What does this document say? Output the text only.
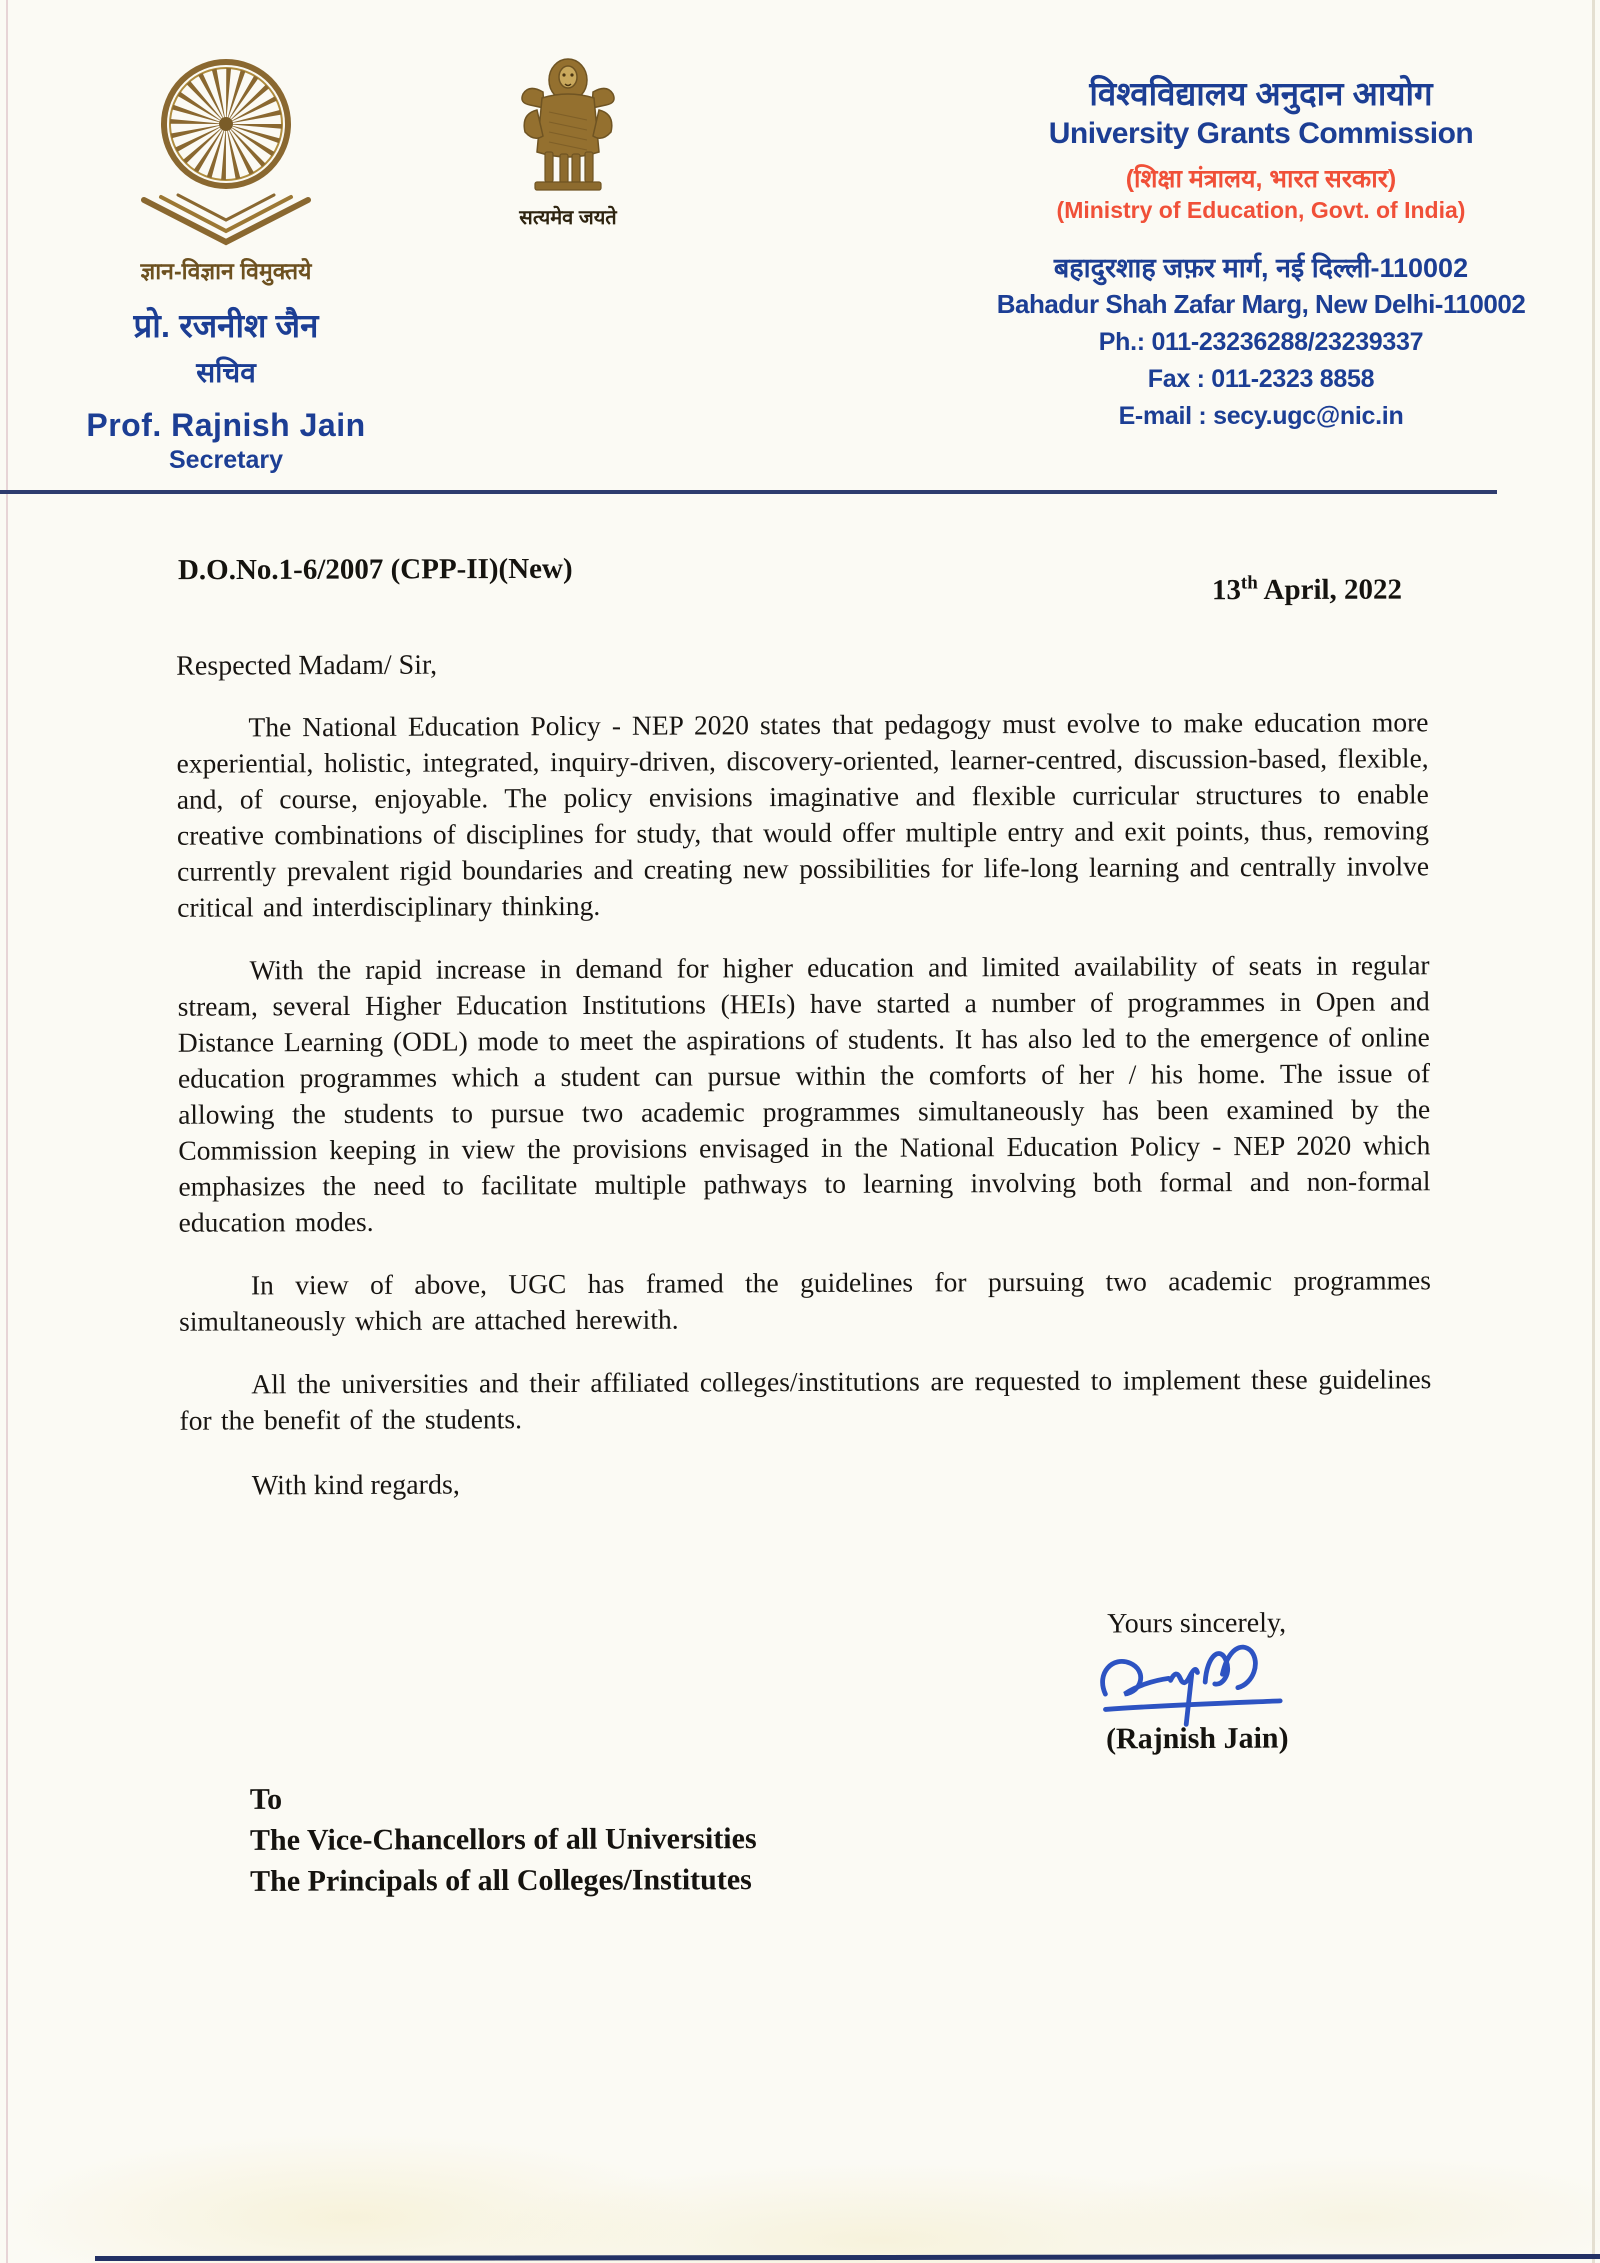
ज्ञान-विज्ञान विमुक्तये
प्रो. रजनीश जैन
सचिव
Prof. Rajnish Jain
Secretary
सत्यमेव जयते
विश्वविद्यालय अनुदान आयोग
University Grants Commission
(शिक्षा मंत्रालय, भारत सरकार)
(Ministry of Education, Govt. of India)
बहादुरशाह जफ़र मार्ग, नई दिल्ली-110002
Bahadur Shah Zafar Marg, New Delhi-110002
Ph.: 011-23236288/23239337
Fax : 011-2323 8858
E-mail : secy.ugc@nic.in
D.O.No.1-6/2007 (CPP-II)(New)
13th April, 2022
Respected Madam/ Sir,

The National Education Policy - NEP 2020 states that pedagogy must evolve to make education more experiential, holistic, integrated, inquiry-driven, discovery-oriented, learner-centred, discussion-based, flexible, and, of course, enjoyable. The policy envisions imaginative and flexible curricular structures to enable creative combinations of disciplines for study, that would offer multiple entry and exit points, thus, removing currently prevalent rigid boundaries and creating new possibilities for life-long learning and centrally involve critical and interdisciplinary thinking.

With the rapid increase in demand for higher education and limited availability of seats in regular stream, several Higher Education Institutions (HEIs) have started a number of programmes in Open and Distance Learning (ODL) mode to meet the aspirations of students. It has also led to the emergence of online education programmes which a student can pursue within the comforts of her / his home. The issue of allowing the students to pursue two academic programmes simultaneously has been examined by the Commission keeping in view the provisions envisaged in the National Education Policy - NEP 2020 which emphasizes the need to facilitate multiple pathways to learning involving both formal and non-formal education modes.

In view of above, UGC has framed the guidelines for pursuing two academic programmes simultaneously which are attached herewith.

All the universities and their affiliated colleges/institutions are requested to implement these guidelines for the benefit of the students.

With kind regards,
Yours sincerely,
(Rajnish Jain)
To
The Vice-Chancellors of all Universities
The Principals of all Colleges/Institutes
